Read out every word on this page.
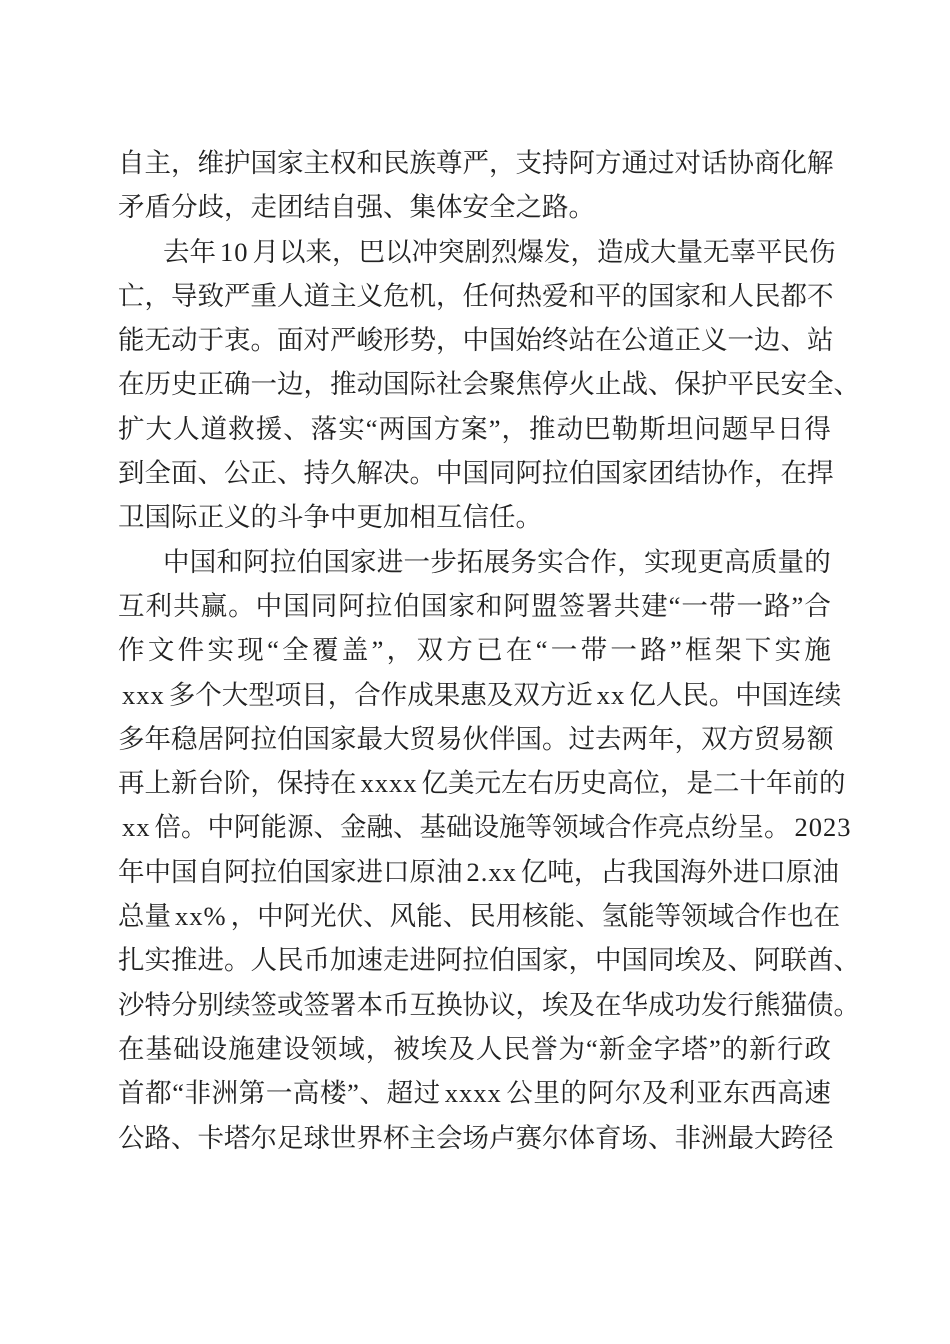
自 主 ， 维 护 国 家 主 权 和 民 族 尊 严 ， 支 持 阿 方 通 过 对 话 协 商 化 解
矛 盾 分 歧 ， 走 团 结 自 强 、 集 体 安 全 之 路 。
去 年 10 月 以 来 ， 巴 以 冲 突 剧 烈 爆 发 ， 造 成 大 量 无 辜 平 民 伤
亡 ， 导 致 严 重 人 道 主 义 危 机 ， 任 何 热 爱 和 平 的 国 家 和 人 民 都 不
能 无 动 于 衷 。 面 对 严 峻 形 势 ， 中 国 始 终 站 在 公 道 正 义 一 边 、 站
在 历 史 正 确 一 边 ， 推 动 国 际 社 会 聚 焦 停 火 止 战 、 保 护 平 民 安 全 、
扩 大 人 道 救 援 、 落 实 “ 两 国 方 案 ” ， 推 动 巴 勒 斯 坦 问 题 早 日 得
到 全 面 、 公 正 、 持 久 解 决 。 中 国 同 阿 拉 伯 国 家 团 结 协 作 ， 在 捍
卫 国 际 正 义 的 斗 争 中 更 加 相 互 信 任 。
中 国 和 阿 拉 伯 国 家 进 一 步 拓 展 务 实 合 作 ， 实 现 更 高 质 量 的
互 利 共 赢 。 中 国 同 阿 拉 伯 国 家 和 阿 盟 签 署 共 建 “ 一 带 一 路 ” 合
作 文 件 实 现 “ 全 覆 盖 ” ， 双 方 已 在 “ 一 带 一 路 ” 框 架 下 实 施
xxx 多 个 大 型 项 目 ， 合 作 成 果 惠 及 双 方 近 xx 亿 人 民 。 中 国 连 续
多 年 稳 居 阿 拉 伯 国 家 最 大 贸 易 伙 伴 国 。 过 去 两 年 ， 双 方 贸 易 额
再 上 新 台 阶 ， 保 持 在 xxxx 亿 美 元 左 右 历 史 高 位 ， 是 二 十 年 前 的
xx 倍 。 中 阿 能 源 、 金 融 、 基 础 设 施 等 领 域 合 作 亮 点 纷 呈 。 2023
年 中 国 自 阿 拉 伯 国 家 进 口 原 油 2.xx 亿 吨 ， 占 我 国 海 外 进 口 原 油
总 量 xx% ， 中 阿 光 伏 、 风 能 、 民 用 核 能 、 氢 能 等 领 域 合 作 也 在
扎 实 推 进 。 人 民 币 加 速 走 进 阿 拉 伯 国 家 ， 中 国 同 埃 及 、 阿 联 酋 、
沙 特 分 别 续 签 或 签 署 本 币 互 换 协 议 ， 埃 及 在 华 成 功 发 行 熊 猫 债 。
在 基 础 设 施 建 设 领 域 ， 被 埃 及 人 民 誉 为 “ 新 金 字 塔 ” 的 新 行 政
首 都 “ 非 洲 第 一 高 楼 ” 、 超 过 xxxx 公 里 的 阿 尔 及 利 亚 东 西 高 速
公 路 、 卡 塔 尔 足 球 世 界 杯 主 会 场 卢 赛 尔 体 育 场 、 非 洲 最 大 跨 径
